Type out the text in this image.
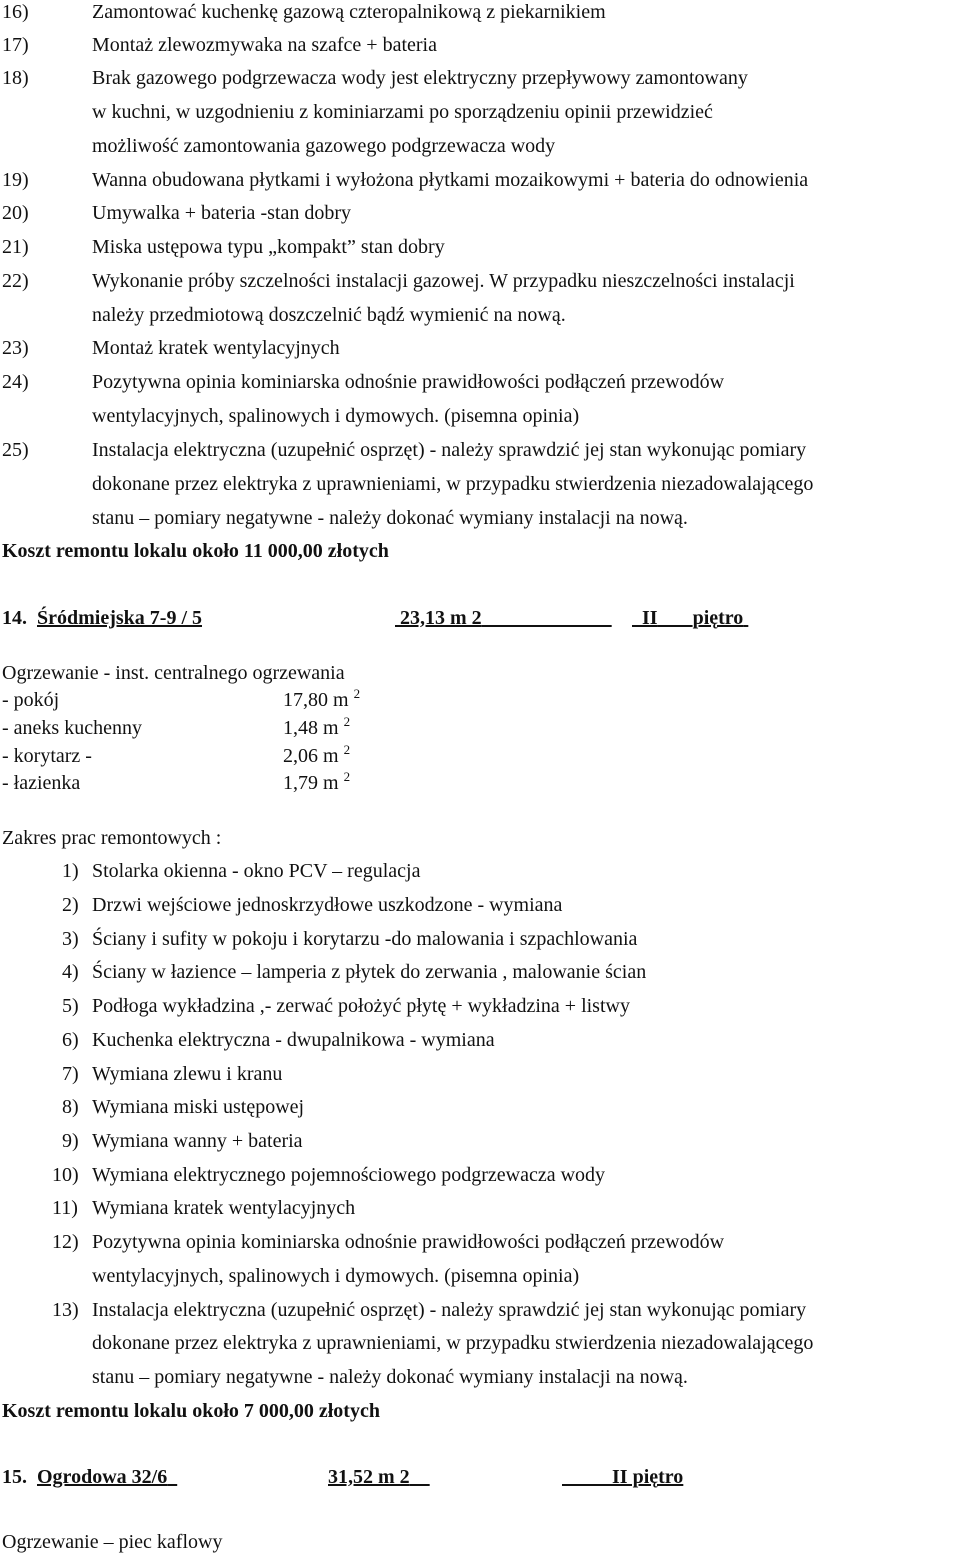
16)	Zamontować kuchenkę gazową czteropalnikową z piekarnikiem
17)	Montaż zlewozmywaka na szafce + bateria
18)	Brak gazowego podgrzewacza wody jest elektryczny przepływowy zamontowany
w kuchni, w uzgodnieniu z kominiarzami po sporządzeniu opinii przewidzieć
możliwość zamontowania gazowego podgrzewacza wody
19)	Wanna obudowana płytkami i wyłożona płytkami mozaikowymi + bateria do odnowienia
20)	Umywalka + bateria -stan dobry
21)	Miska ustępowa typu „kompakt” stan dobry
22)	Wykonanie próby szczelności instalacji gazowej. W przypadku nieszczelności instalacji
należy przedmiotową doszczelnić bądź wymienić na nową.
23)	Montaż kratek wentylacyjnych
24)	Pozytywna opinia kominiarska odnośnie prawidłowości podłączeń przewodów
wentylacyjnych, spalinowych i dymowych. (pisemna opinia)
25)	Instalacja elektryczna (uzupełnić osprzęt) - należy sprawdzić jej stan wykonując pomiary
dokonane przez elektryka z uprawnieniami, w przypadku stwierdzenia niezadowalającego
stanu – pomiary negatywne - należy dokonać wymiany instalacji na nową.
Koszt remontu lokalu około 11 000,00 złotych
14. Śródmiejska 7-9 / 5	23,13 m 2	II piętro
Ogrzewanie - inst. centralnego ogrzewania
- pokój	17,80 m $^2$
- aneks kuchenny	1,48 m $^2$
- korytarz -	2,06 m $^2$
- łazienka	1,79 m $^2$
Zakres prac remontowych :
1) Stolarka okienna - okno PCV – regulacja
2) Drzwi wejściowe jednoskrzydłowe uszkodzone - wymiana
3) Ściany i sufity w pokoju i korytarzu -do malowania i szpachlowania
4) Ściany w łazience – lamperia z płytek do zerwania , malowanie ścian
5) Podłoga wykładzina ,- zerwać położyć płytę + wykładzina + listwy
6) Kuchenka elektryczna - dwupalnikowa - wymiana
7) Wymiana zlewu i kranu
8) Wymiana miski ustępowej
9) Wymiana wanny + bateria
10) Wymiana elektrycznego pojemnościowego podgrzewacza wody
11) Wymiana kratek wentylacyjnych
12) Pozytywna opinia kominiarska odnośnie prawidłowości podłączeń przewodów
wentylacyjnych, spalinowych i dymowych. (pisemna opinia)
13) Instalacja elektryczna (uzupełnić osprzęt) - należy sprawdzić jej stan wykonując pomiary
dokonane przez elektryka z uprawnieniami, w przypadku stwierdzenia niezadowalającego
stanu – pomiary negatywne - należy dokonać wymiany instalacji na nową.
Koszt remontu lokalu około 7 000,00 złotych
15. Ogrodowa 32/6	31,52 m 2	II piętro
Ogrzewanie – piec kaflowy
